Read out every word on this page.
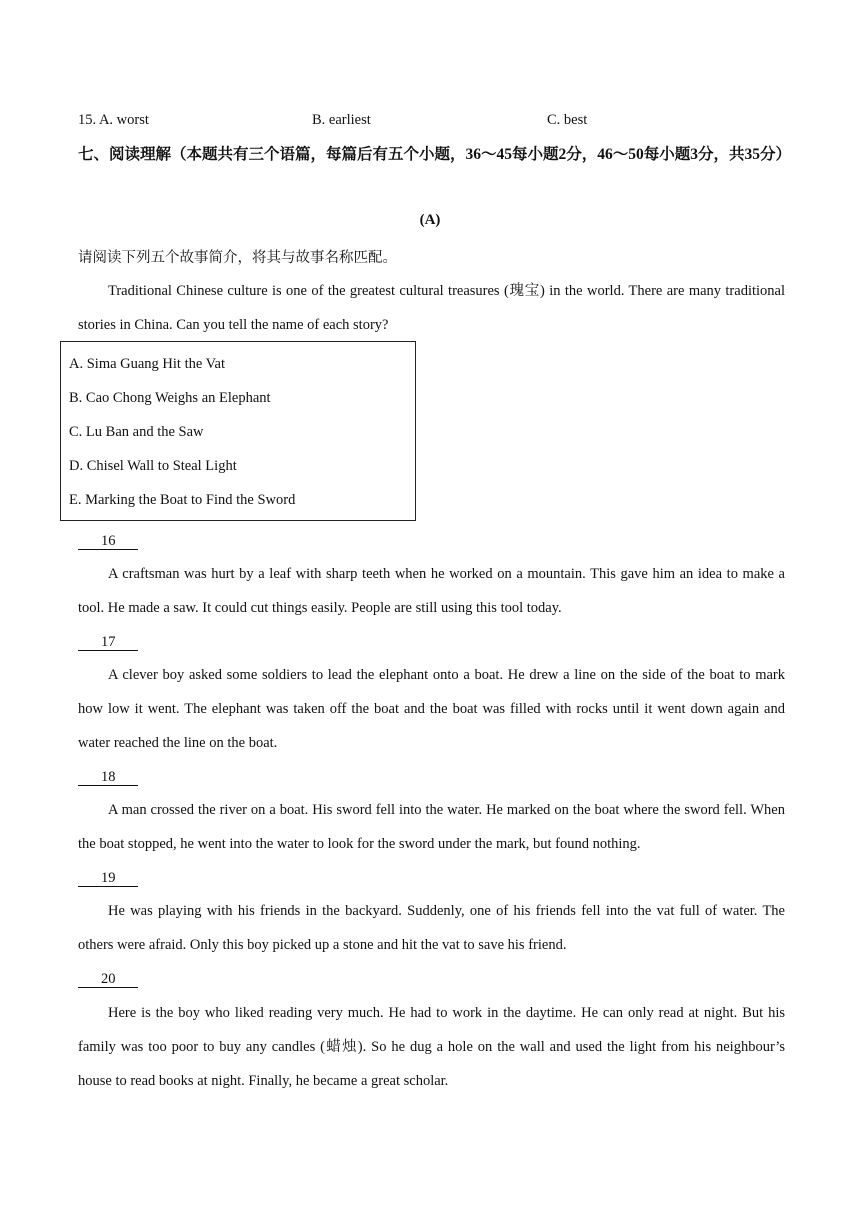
15. A. worst	B. earliest	C. best
七、阅读理解（本题共有三个语篇，每篇后有五个小题，36～45每小题2分，46～50每小题3分，共35分）
(A)
请阅读下列五个故事简介，将其与故事名称匹配。
Traditional Chinese culture is one of the greatest cultural treasures (瑰宝) in the world. There are many traditional stories in China. Can you tell the name of each story?
A. Sima Guang Hit the Vat
B. Cao Chong Weighs an Elephant
C. Lu Ban and the Saw
D. Chisel Wall to Steal Light
E. Marking the Boat to Find the Sword
16
A craftsman was hurt by a leaf with sharp teeth when he worked on a mountain. This gave him an idea to make a tool. He made a saw. It could cut things easily. People are still using this tool today.
17
A clever boy asked some soldiers to lead the elephant onto a boat. He drew a line on the side of the boat to mark how low it went. The elephant was taken off the boat and the boat was filled with rocks until it went down again and water reached the line on the boat.
18
A man crossed the river on a boat. His sword fell into the water. He marked on the boat where the sword fell. When the boat stopped, he went into the water to look for the sword under the mark, but found nothing.
19
He was playing with his friends in the backyard. Suddenly, one of his friends fell into the vat full of water. The others were afraid. Only this boy picked up a stone and hit the vat to save his friend.
20
Here is the boy who liked reading very much. He had to work in the daytime. He can only read at night. But his family was too poor to buy any candles (蜡烛). So he dug a hole on the wall and used the light from his neighbour’s house to read books at night. Finally, he became a great scholar.
